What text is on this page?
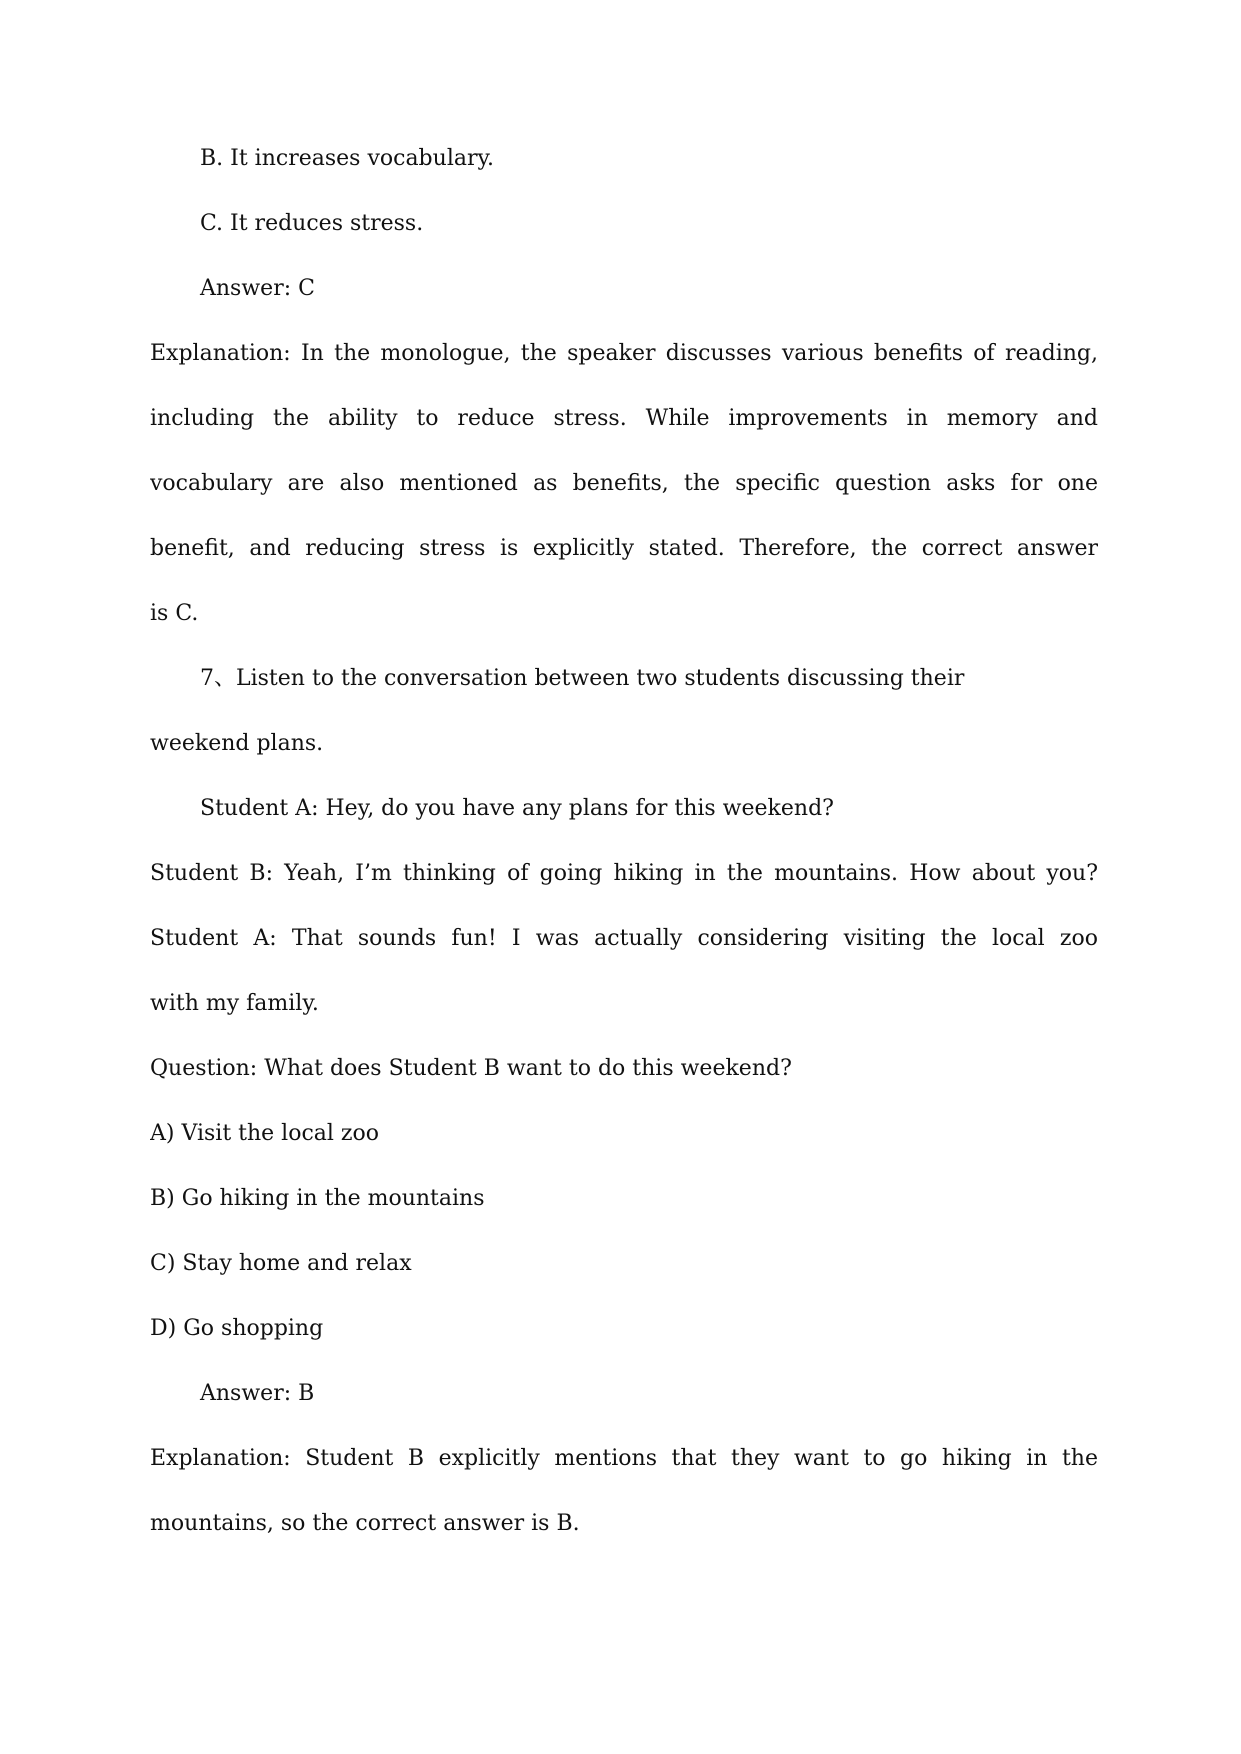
B. It increases vocabulary.
C. It reduces stress.
Answer: C
Explanation: In the monologue, the speaker discusses various benefits of reading,
including the ability to reduce stress. While improvements in memory and
vocabulary are also mentioned as benefits, the specific question asks for one
benefit, and reducing stress is explicitly stated. Therefore, the correct answer
is C.
7、Listen to the conversation between two students discussing their
weekend plans.
Student A: Hey, do you have any plans for this weekend?
Student B: Yeah, I’m thinking of going hiking in the mountains. How about you?
Student A: That sounds fun! I was actually considering visiting the local zoo
with my family.
Question: What does Student B want to do this weekend?
A) Visit the local zoo
B) Go hiking in the mountains
C) Stay home and relax
D) Go shopping
Answer: B
Explanation: Student B explicitly mentions that they want to go hiking in the
mountains, so the correct answer is B.
